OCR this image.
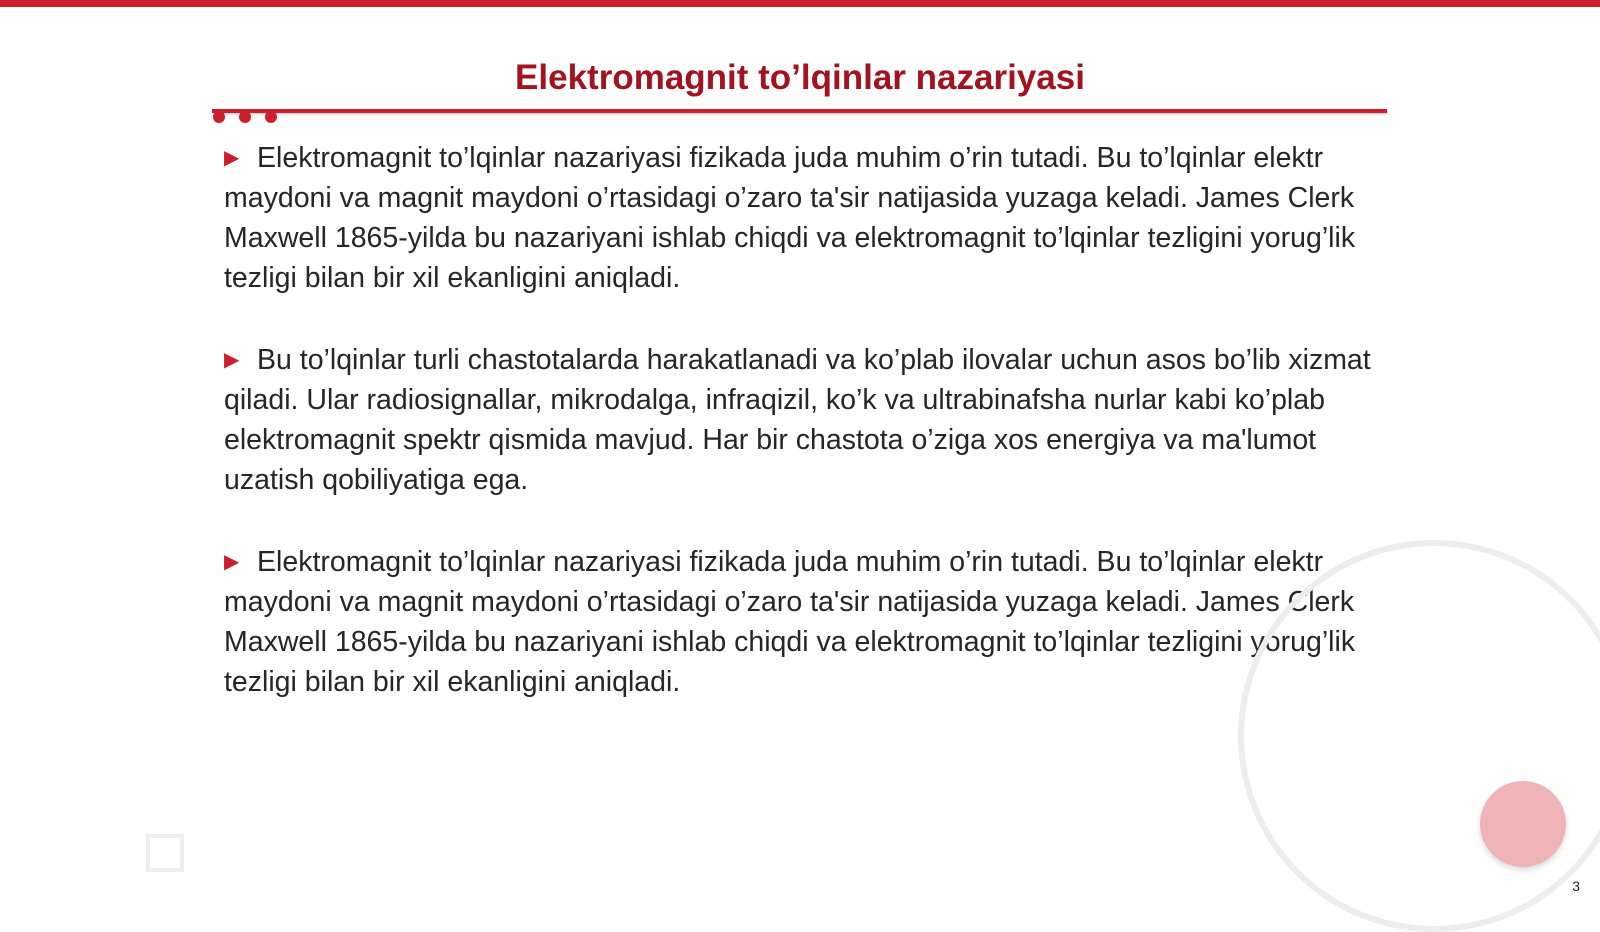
Elektromagnit to’lqinlar nazariyasi

▶ Elektromagnit to’lqinlar nazariyasi fizikada juda muhim o’rin tutadi. Bu to’lqinlar elektr maydoni va magnit maydoni o’rtasidagi o’zaro ta'sir natijasida yuzaga keladi. James Clerk Maxwell 1865-yilda bu nazariyani ishlab chiqdi va elektromagnit to’lqinlar tezligini yorug’lik tezligi bilan bir xil ekanligini aniqladi.

▶ Bu to’lqinlar turli chastotalarda harakatlanadi va ko’plab ilovalar uchun asos bo’lib xizmat qiladi. Ular radiosignallar, mikrodalga, infraqizil, ko’k va ultrabinafsha nurlar kabi ko’plab elektromagnit spektr qismida mavjud. Har bir chastota o’ziga xos energiya va ma'lumot uzatish qobiliyatiga ega.

▶ Elektromagnit to’lqinlar nazariyasi fizikada juda muhim o’rin tutadi. Bu to’lqinlar elektr maydoni va magnit maydoni o’rtasidagi o’zaro ta'sir natijasida yuzaga keladi. James Clerk Maxwell 1865-yilda bu nazariyani ishlab chiqdi va elektromagnit to’lqinlar tezligini yorug’lik tezligi bilan bir xil ekanligini aniqladi.

3
